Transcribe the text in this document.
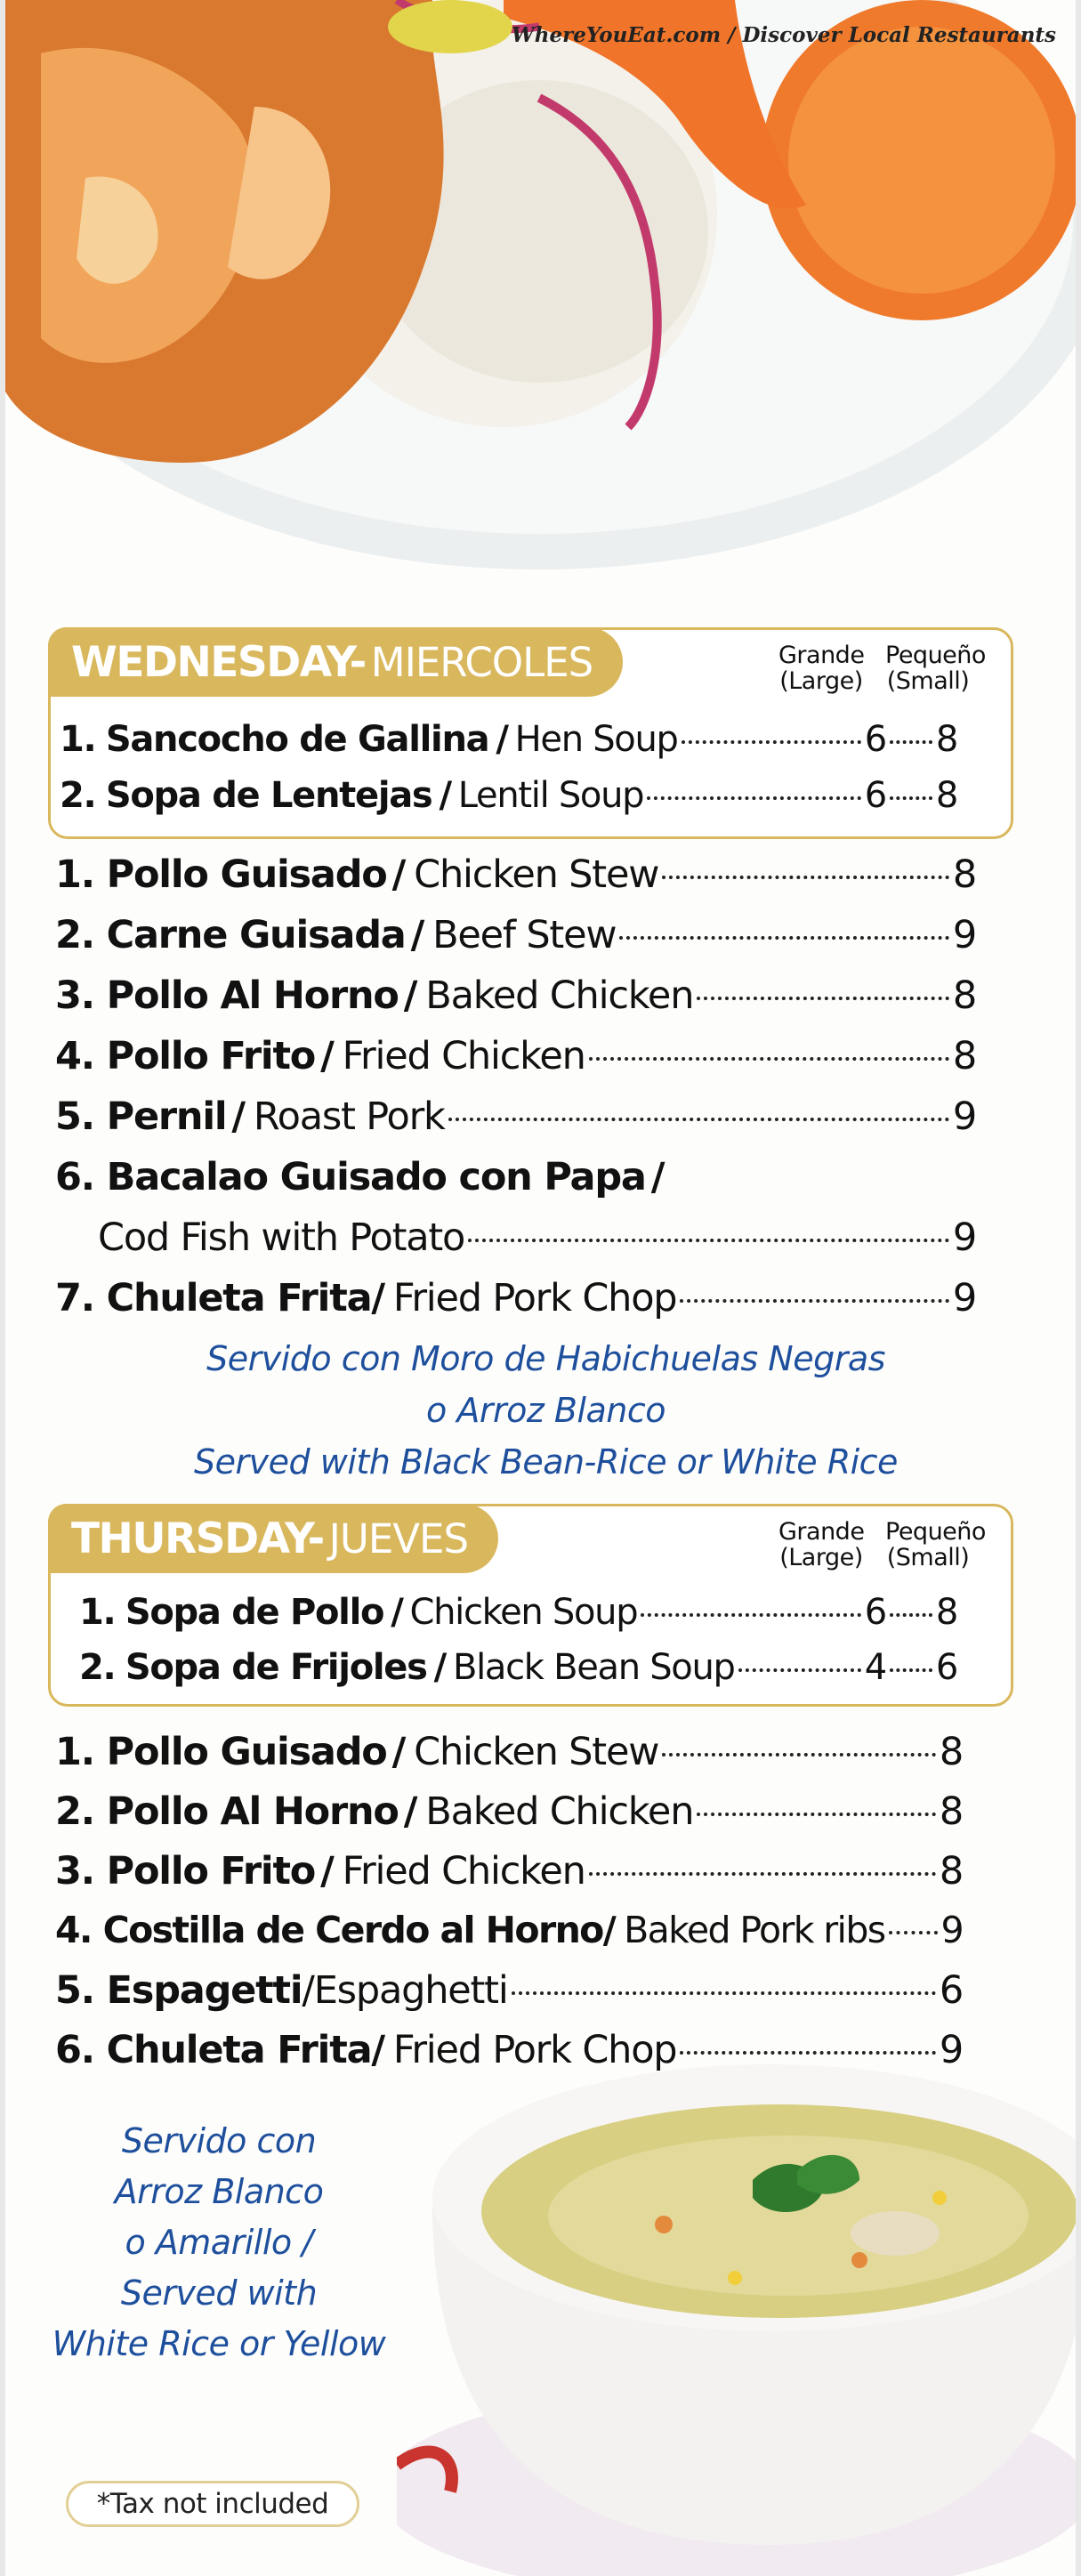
WhereYouEat.com / Discover Local Restaurants
WEDNESDAY- MIERCOLES	Grande (Large)
Pequeño (Small)
1.
Sancocho de Gallina / Hen Soup	6 8
2.
Sopa de Lentejas / Lentil Soup	6 8
1. Pollo Guisado / Chicken Stew	8
2. Carne Guisada / Beef Stew	9
3. Pollo Al Horno / Baked Chicken	8
4. Pollo Frito / Fried Chicken	8
5. Pernil / Roast Pork	9
6. Bacalao Guisado con Papa /
Cod Fish with Potato	9
7. Chuleta Frita / Fried Pork Chop	9
Servido con Moro de Habichuelas Negras
o Arroz Blanco
Served with Black Bean-Rice or White Rice
THURSDAY- JUEVES	Grande (Large)
Pequeño (Small)
1.
Sopa de Pollo / Chicken Soup	6 8
2.
Sopa de Frijoles / Black Bean Soup	4 6
1. Pollo Guisado / Chicken Stew	8
2. Pollo Al Horno / Baked Chicken	8
3. Pollo Frito / Fried Chicken	8
4. Costilla de Cerdo al Horno / Baked Pork ribs 9
5. Espagetti / Espaghetti	6
6. Chuleta Frita / Fried Pork Chop	9
Servido con
Arroz Blanco
o Amarillo /
Served with
White Rice or Yellow
*Tax not included
